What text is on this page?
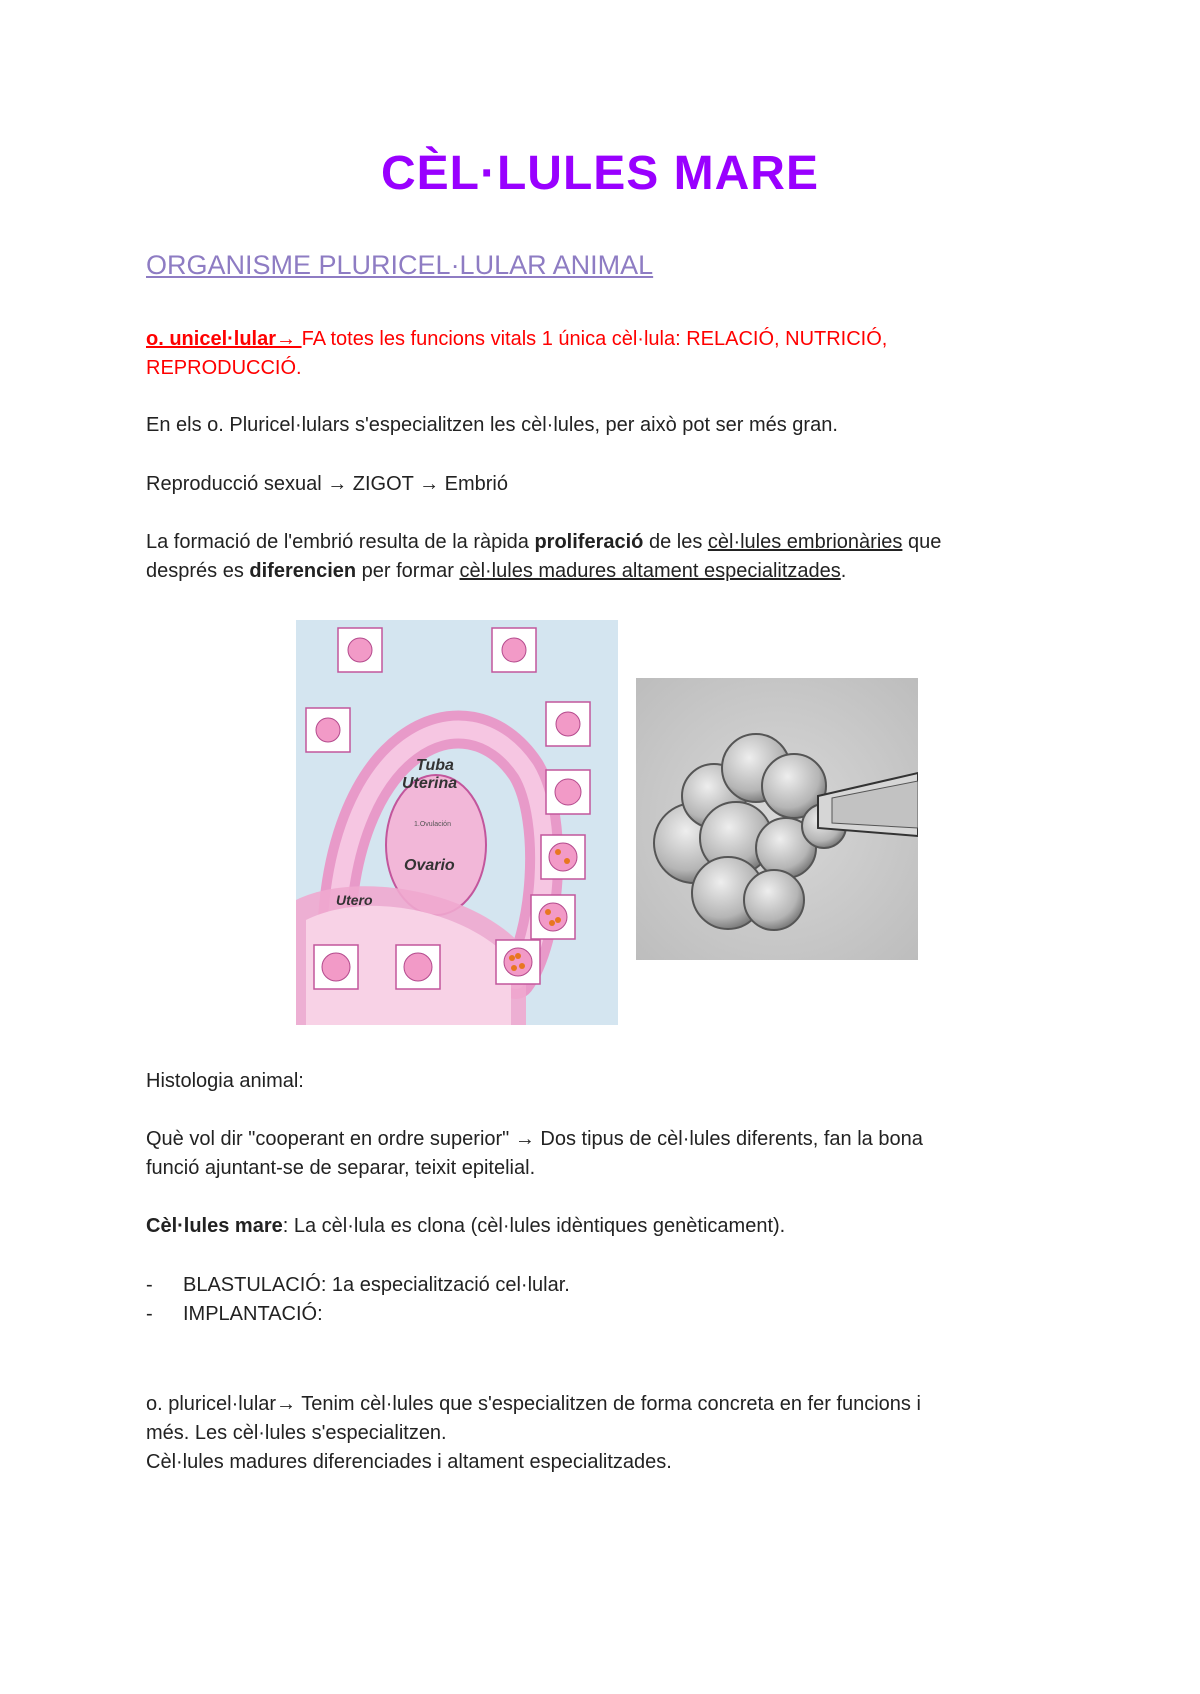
CÈL·LULES MARE
ORGANISME PLURICEL·LULAR ANIMAL

o. unicel·lular→ FA totes les funcions vitals 1 única cèl·lula: RELACIÓ, NUTRICIÓ,
REPRODUCCIÓ.

En els o. Pluricel·lulars s'especialitzen les cèl·lules, per això pot ser més gran.

Reproducció sexual → ZIGOT → Embrió

La formació de l'embrió resulta de la ràpida proliferació de les cèl·lules embrionàries que
després es diferencien per formar cèl·lules madures altament especialitzades.

Tuba
Uterina
Ovario
Utero
1.Ovulación

Histologia animal:

Què vol dir "cooperant en ordre superior" → Dos tipus de cèl·lules diferents, fan la bona
funció ajuntant-se de separar, teixit epitelial.

Cèl·lules mare: La cèl·lula es clona (cèl·lules idèntiques genèticament).

- BLASTULACIÓ: 1a especialització cel·lular.
- IMPLANTACIÓ:

o. pluricel·lular→ Tenim cèl·lules que s'especialitzen de forma concreta en fer funcions i
més. Les cèl·lules s'especialitzen.
Cèl·lules madures diferenciades i altament especialitzades.
